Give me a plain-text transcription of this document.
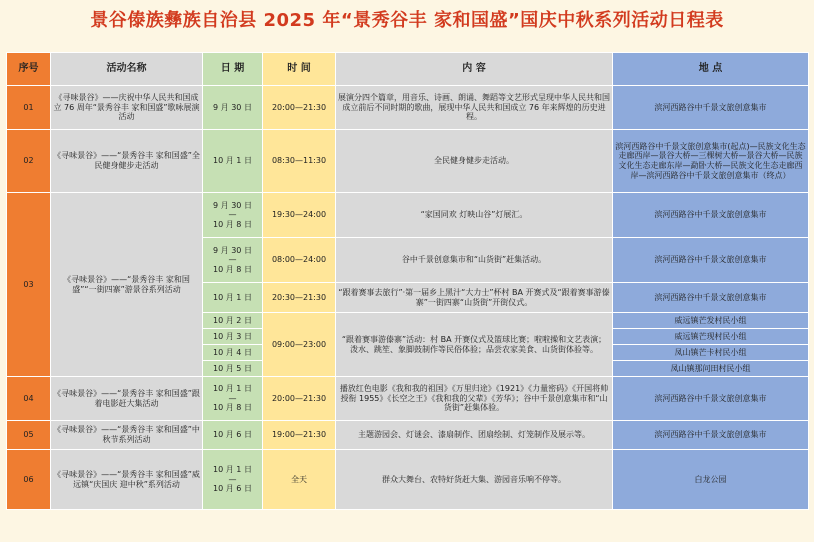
景谷傣族彝族自治县 2025 年“景秀谷丰 家和国盛”国庆中秋系列活动日程表
序号	活动名称	日 期	时 间	内 容	地 点
01	《寻味景谷》——庆祝中华人民共和国成立 76 周年“景秀谷丰 家和国盛”歌咏展演活动	9 月 30 日	20:00—21:30	展演分四个篇章，用音乐、诗画、朗诵、舞蹈等文艺形式呈现中华人民共和国成立前后不同时期的歌曲，展现中华人民共和国成立 76 年来辉煌的历史进程。	滨河西路谷中千景文旅创意集市
02	《寻味景谷》——“景秀谷丰 家和国盛”全民健身健步走活动	10 月 1 日	08:30—11:30	全民健身健步走活动。	滨河西路谷中千景文旅创意集市(起点)—民族文化生态走廊西岸—景谷大桥—三棵树大桥—景谷大桥—民族文化生态走廊东岸—勐卧大桥—民族文化生态走廊西岸—滨河西路谷中千景文旅创意集市（终点）
03	《寻味景谷》——“景秀谷丰 家和国盛”“一街四寨”游景谷系列活动	9 月 30 日
—
10 月 8 日	19:30—24:00	“家国同欢 灯映山谷”灯展汇。	滨河西路谷中千景文旅创意集市

		9 月 30 日
—
10 月 8 日	08:00—24:00	谷中千景创意集市和“山货街”赶集活动。	滨河西路谷中千景文旅创意集市
		10 月 1 日	20:30—21:30	“跟着赛事去旅行”·第一届乡上黑汁“大力士”杯村 BA 开赛式及“跟着赛事游傣寨”一街四寨“山货街”开街仪式。	滨河西路谷中千景文旅创意集市
		10 月 2 日	09:00—23:00	“跟着赛事游傣寨”活动：村 BA 开赛仪式及篮球比赛；啦啦操和文艺表演；泼水、跳笙、象脚鼓制作等民俗体验；品尝农家美食、山货街体验等。	威远镇芒发村民小组
		10 月 3 日			威远镇芒现村民小组
		10 月 4 日			凤山镇芒卡村民小组
		10 月 5 日			凤山镇那问田村民小组
04	《寻味景谷》——“景秀谷丰 家和国盛”跟着电影赶大集活动	10 月 1 日
—
10 月 8 日	20:00—21:30	播放红色电影《我和我的祖国》《万里归途》《1921》《力量密码》《开国将帅授衔 1955》《长空之王》《我和我的父辈》《芳华》；谷中千景创意集市和“山货街”赶集体验。	滨河西路谷中千景文旅创意集市
05	《寻味景谷》——“景秀谷丰 家和国盛”中秋节系列活动	10 月 6 日	19:00—21:30	主题游园会、灯谜会、漆扇制作、团扇绘制、灯笼制作及展示等。	滨河西路谷中千景文旅创意集市
06	《寻味景谷》——“景秀谷丰 家和国盛”威远镇“庆国庆 迎中秋”系列活动	10 月 1 日
—
10 月 6 日	全天	群众大舞台、农特好货赶大集、游园音乐响不停等。	白龙公园
